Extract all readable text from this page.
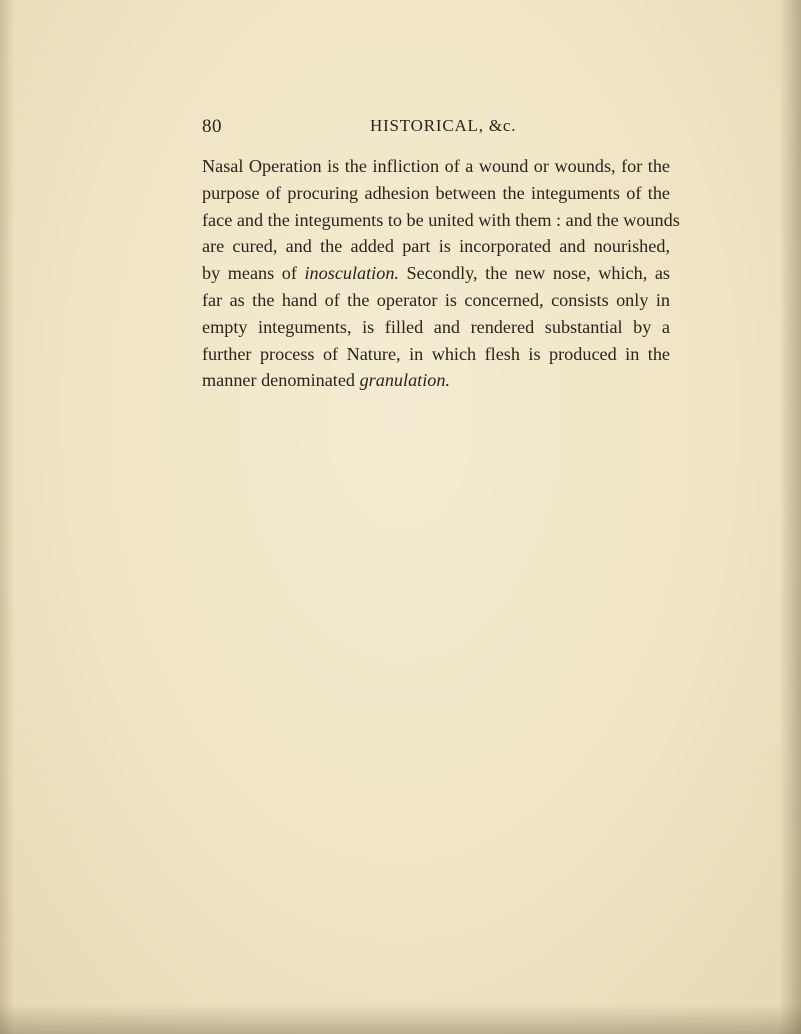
80	HISTORICAL, &c.
Nasal Operation is the infliction of a wound or wounds, for the
purpose of procuring adhesion between the integuments of the
face and the integuments to be united with them : and the wounds
are cured, and the added part is incorporated and nourished,
by means of inosculation. Secondly, the new nose, which, as
far as the hand of the operator is concerned, consists only in
empty integuments, is filled and rendered substantial by a
further process of Nature, in which flesh is produced in the
manner denominated granulation.
